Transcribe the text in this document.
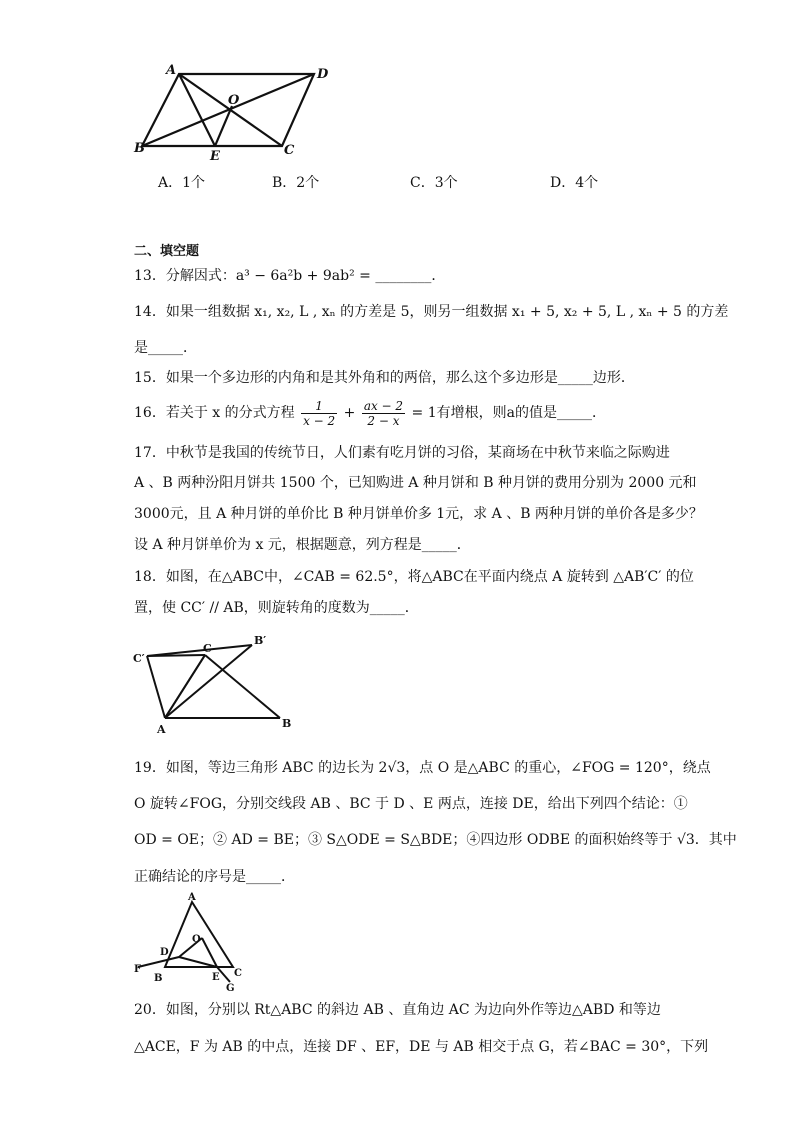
A	D
O
B
E	C
A．1个	B．2个	C．3个	D．4个
二、填空题
13．分解因式：a³ − 6a²b + 9ab² = ________．
14．如果一组数据 x₁, x₂, L , xₙ 的方差是 5，则另一组数据 x₁ + 5, x₂ + 5, L , xₙ + 5 的方差
是_____．
15．如果一个多边形的内角和是其外角和的两倍，那么这个多边形是_____边形．
16．若关于 x 的分式方程 $\frac{1}{x - 2} + \frac{ax - 2}{2 - x} = 1$有增根，则a的值是_____．
17．中秋节是我国的传统节日，人们素有吃月饼的习俗，某商场在中秋节来临之际购进
A 、B 两种汾阳月饼共 1500 个，已知购进 A 种月饼和 B 种月饼的费用分别为 2000 元和
3000元，且 A 种月饼的单价比 B 种月饼单价多 1元，求 A 、B 两种月饼的单价各是多少？
设 A 种月饼单价为 x 元，根据题意，列方程是_____．
18．如图，在△ABC中，∠CAB = 62.5°，将△ABC在平面内绕点 A 旋转到 △AB′C′ 的位
置，使 CC′ // AB，则旋转角的度数为_____．
C′
C
B′
A	B
19．如图，等边三角形 ABC 的边长为 2√3，点 O 是△ABC 的重心，∠FOG = 120°，绕点
O 旋转∠FOG，分别交线段 AB 、BC 于 D 、E 两点，连接 DE，给出下列四个结论：①
OD = OE；② AD = BE；③ S△ODE = S△BDE；④四边形 ODBE 的面积始终等于 √3．其中
正确结论的序号是_____．
A
O
D
F
B	E C
G
20．如图，分别以 Rt△ABC 的斜边 AB 、直角边 AC 为边向外作等边△ABD 和等边
△ACE，F 为 AB 的中点，连接 DF 、EF，DE 与 AB 相交于点 G，若∠BAC = 30°，下列
